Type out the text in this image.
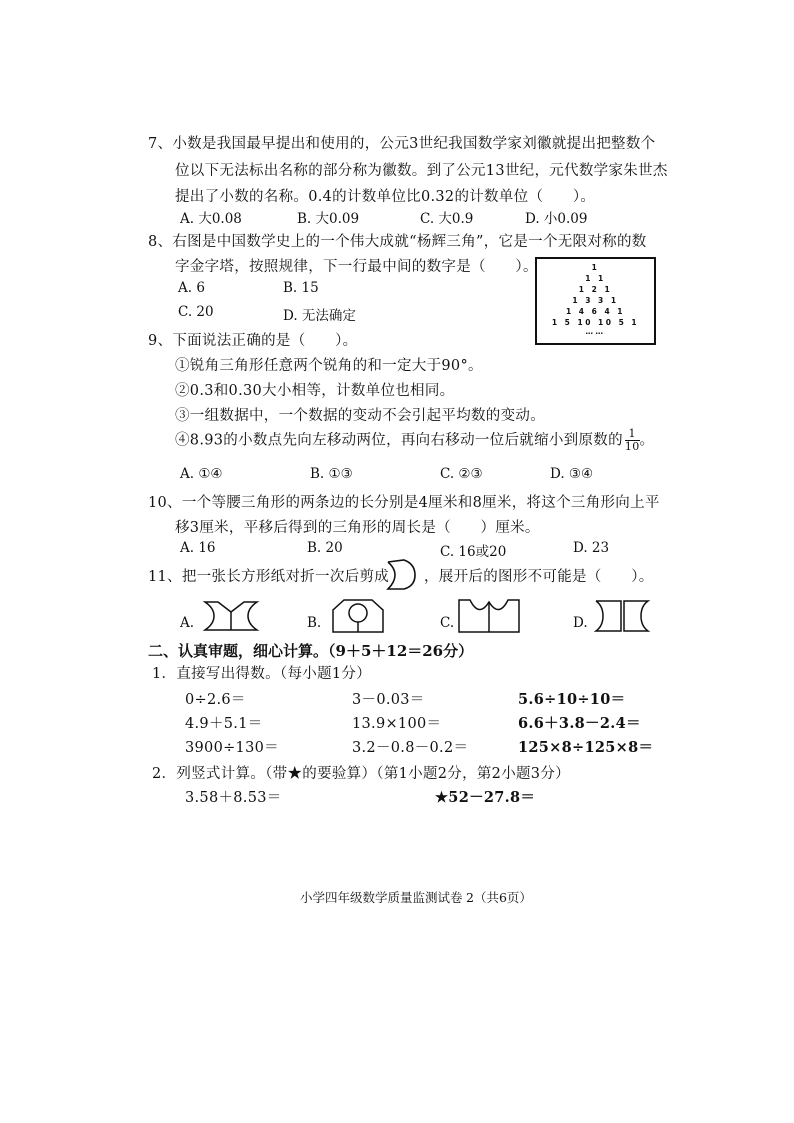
7、小数是我国最早提出和使用的，公元3世纪我国数学家刘徽就提出把整数个
位以下无法标出名称的部分称为徽数。到了公元13世纪，元代数学家朱世杰
提出了小数的名称。0.4的计数单位比0.32的计数单位（　　）。
A. 大0.08	B. 大0.09	C. 大0.9	D. 小0.09
8、右图是中国数学史上的一个伟大成就“杨辉三角”，它是一个无限对称的数
字金字塔，按照规律，下一行最中间的数字是（　　）。
A. 6	B. 15
C. 20	D. 无法确定
1
1 1
1 2 1
1 3 3 1
1 4 6 4 1
1 5 10 10 5 1
……
9、下面说法正确的是（　　）。
①锐角三角形任意两个锐角的和一定大于90°。
②0.3和0.30大小相等，计数单位也相同。
③一组数据中，一个数据的变动不会引起平均数的变动。
④8.93的小数点先向左移动两位，再向右移动一位后就缩小到原数的 $\frac{1}{10}$ 。
A. ①④	B. ①③	C. ②③	D. ③④
10、一个等腰三角形的两条边的长分别是4厘米和8厘米，将这个三角形向上平
移3厘米，平移后得到的三角形的周长是（　　）厘米。
A. 16	B. 20	C. 16或20	D. 23
11、把一张长方形纸对折一次后剪成 ，展开后的图形不可能是（　　）。
A.	B.	C.	D.
二、认真审题，细心计算。（9＋5＋12＝26分）
1．直接写出得数。（每小题1分）
0÷2.6＝	3－0.03＝	5.6÷10÷10＝
4.9＋5.1＝	13.9×100＝	6.6＋3.8－2.4＝
3900÷130＝	3.2－0.8－0.2＝	125×8÷125×8＝
2．列竖式计算。（带★的要验算）（第1小题2分，第2小题3分）
3.58＋8.53＝	★52－27.8＝
小学四年级数学质量监测试卷 2（共6页）
